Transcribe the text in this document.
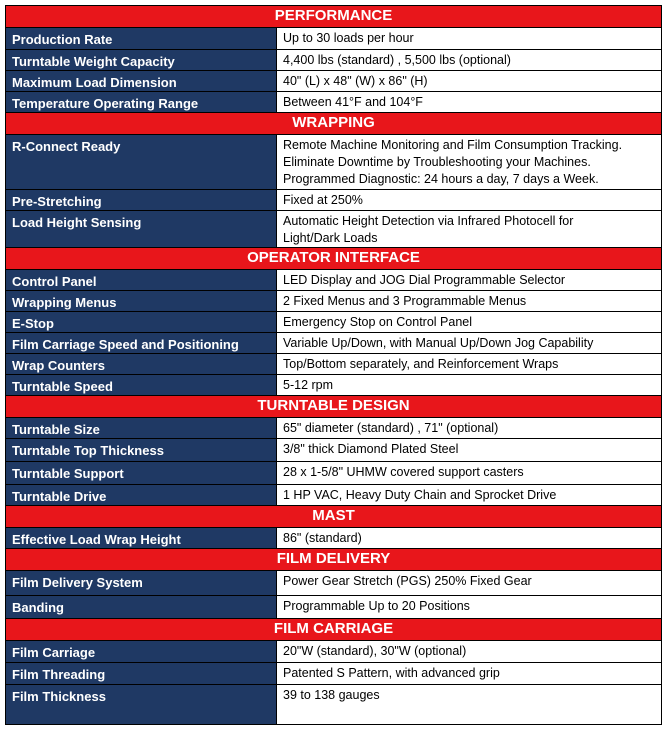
PERFORMANCE	
Production Rate	Up to 30 loads per hour
Turntable Weight Capacity	4,400 lbs (standard) , 5,500 lbs (optional)
Maximum Load Dimension	40" (L) x 48" (W) x 86" (H)
Temperature Operating Range	Between 41°F and 104°F
WRAPPING	
R-Connect Ready	Remote Machine Monitoring and Film Consumption Tracking.
Eliminate Downtime by Troubleshooting your Machines.
Programmed Diagnostic: 24 hours a day, 7 days a Week.
Pre-Stretching	Fixed at 250%
Load Height Sensing	Automatic Height Detection via Infrared Photocell for
Light/Dark Loads
OPERATOR INTERFACE	
Control Panel	LED Display and JOG Dial Programmable Selector
Wrapping Menus	2 Fixed Menus and 3 Programmable Menus
E-Stop	Emergency Stop on Control Panel
Film Carriage Speed and Positioning	Variable Up/Down, with Manual Up/Down Jog Capability
Wrap Counters	Top/Bottom separately, and Reinforcement Wraps
Turntable Speed	5-12 rpm
TURNTABLE DESIGN	
Turntable Size	65" diameter (standard) , 71" (optional)
Turntable Top Thickness	3/8" thick Diamond Plated Steel
Turntable Support	28 x 1-5/8" UHMW covered support casters
Turntable Drive	1 HP VAC, Heavy Duty Chain and Sprocket Drive
MAST	
Effective Load Wrap Height	86" (standard)
FILM DELIVERY	
Film Delivery System	Power Gear Stretch (PGS) 250% Fixed Gear
Banding	Programmable Up to 20 Positions
FILM CARRIAGE	
Film Carriage	20"W (standard), 30"W (optional)
Film Threading	Patented S Pattern, with advanced grip
Film Thickness	39 to 138 gauges
